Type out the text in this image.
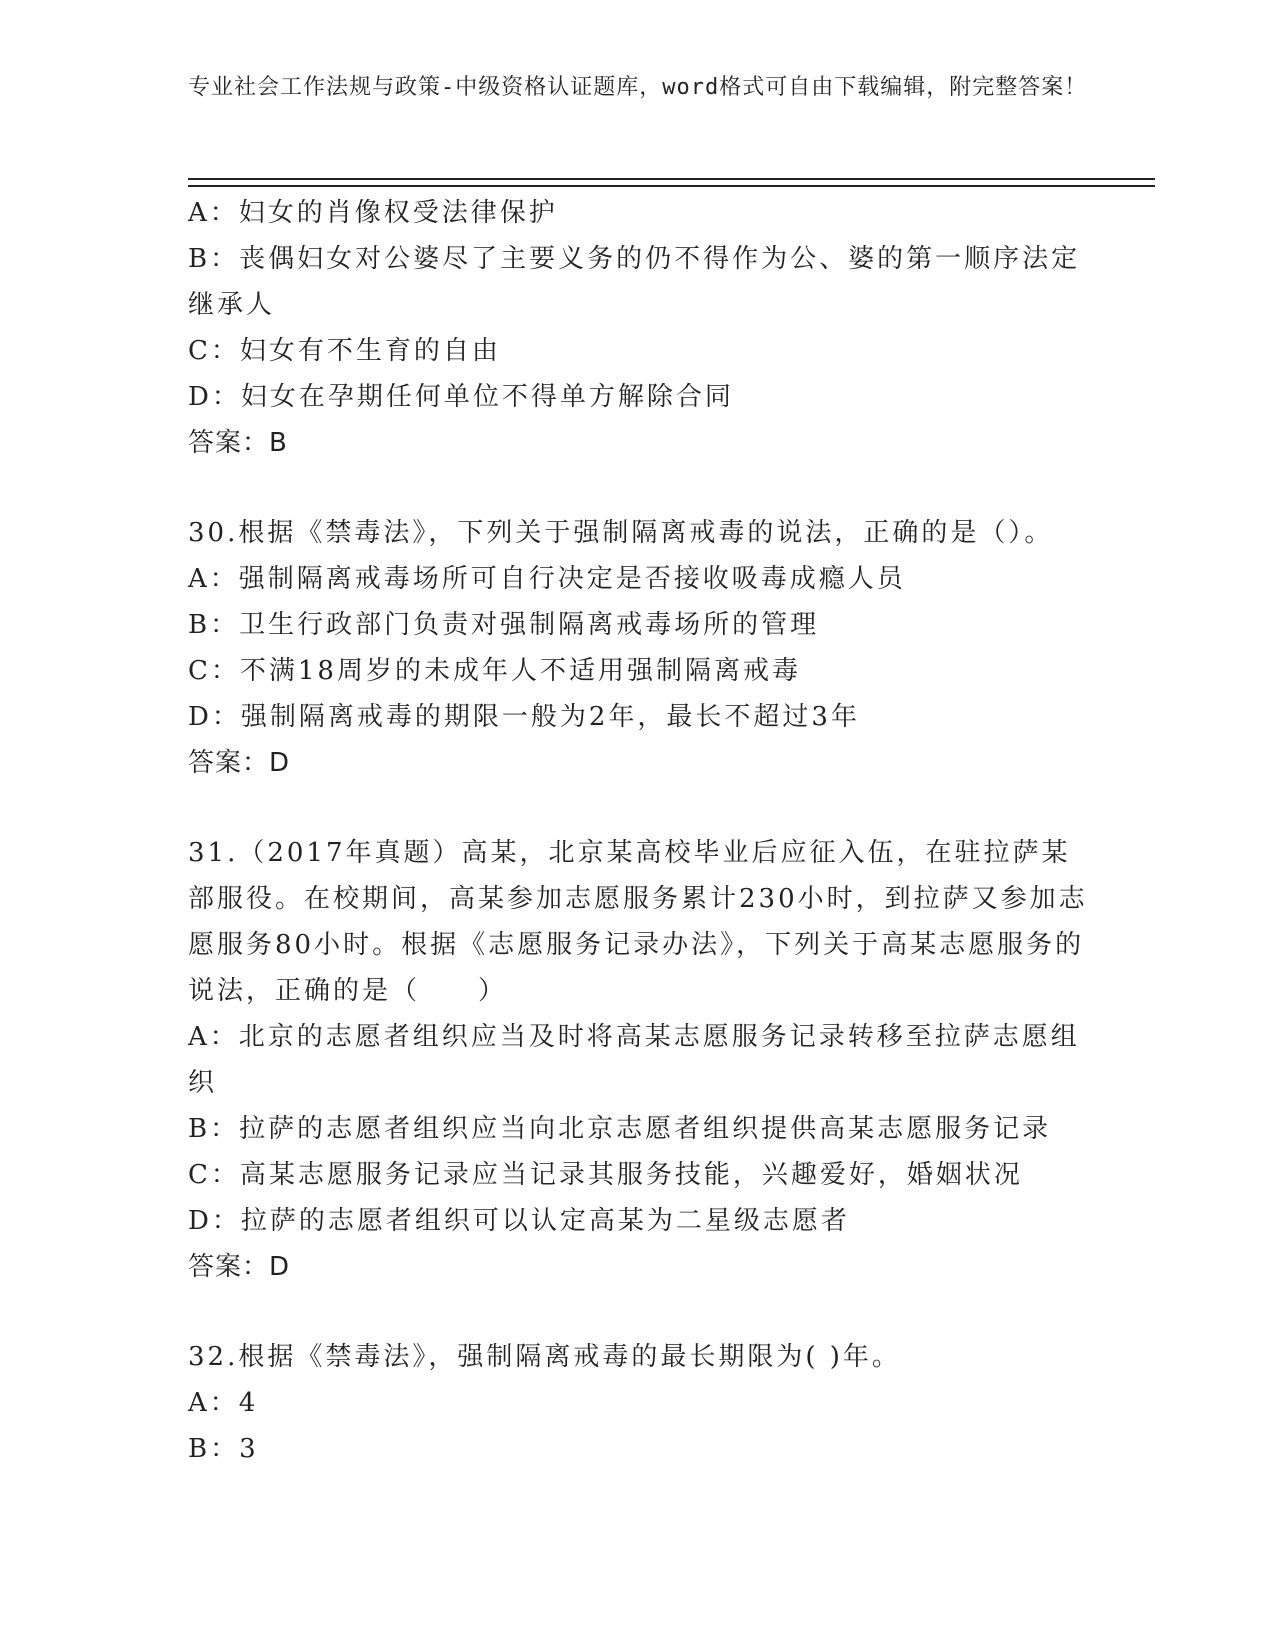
专业社会工作法规与政策-中级资格认证题库，word格式可自由下载编辑，附完整答案！
A：妇女的肖像权受法律保护
B：丧偶妇女对公婆尽了主要义务的仍不得作为公、婆的第一顺序法定继承人
C：妇女有不生育的自由
D：妇女在孕期任何单位不得单方解除合同
答案：B
30.根据《禁毒法》，下列关于强制隔离戒毒的说法，正确的是（）。
A：强制隔离戒毒场所可自行决定是否接收吸毒成瘾人员
B：卫生行政部门负责对强制隔离戒毒场所的管理
C：不满18周岁的未成年人不适用强制隔离戒毒
D：强制隔离戒毒的期限一般为2年，最长不超过3年
答案：D
31.（2017年真题）高某，北京某高校毕业后应征入伍，在驻拉萨某部服役。在校期间，高某参加志愿服务累计230小时，到拉萨又参加志愿服务80小时。根据《志愿服务记录办法》，下列关于高某志愿服务的说法，正确的是（　　）
A：北京的志愿者组织应当及时将高某志愿服务记录转移至拉萨志愿组织
B：拉萨的志愿者组织应当向北京志愿者组织提供高某志愿服务记录
C：高某志愿服务记录应当记录其服务技能，兴趣爱好，婚姻状况
D：拉萨的志愿者组织可以认定高某为二星级志愿者
答案：D
32.根据《禁毒法》，强制隔离戒毒的最长期限为( )年。
A：4
B：3
